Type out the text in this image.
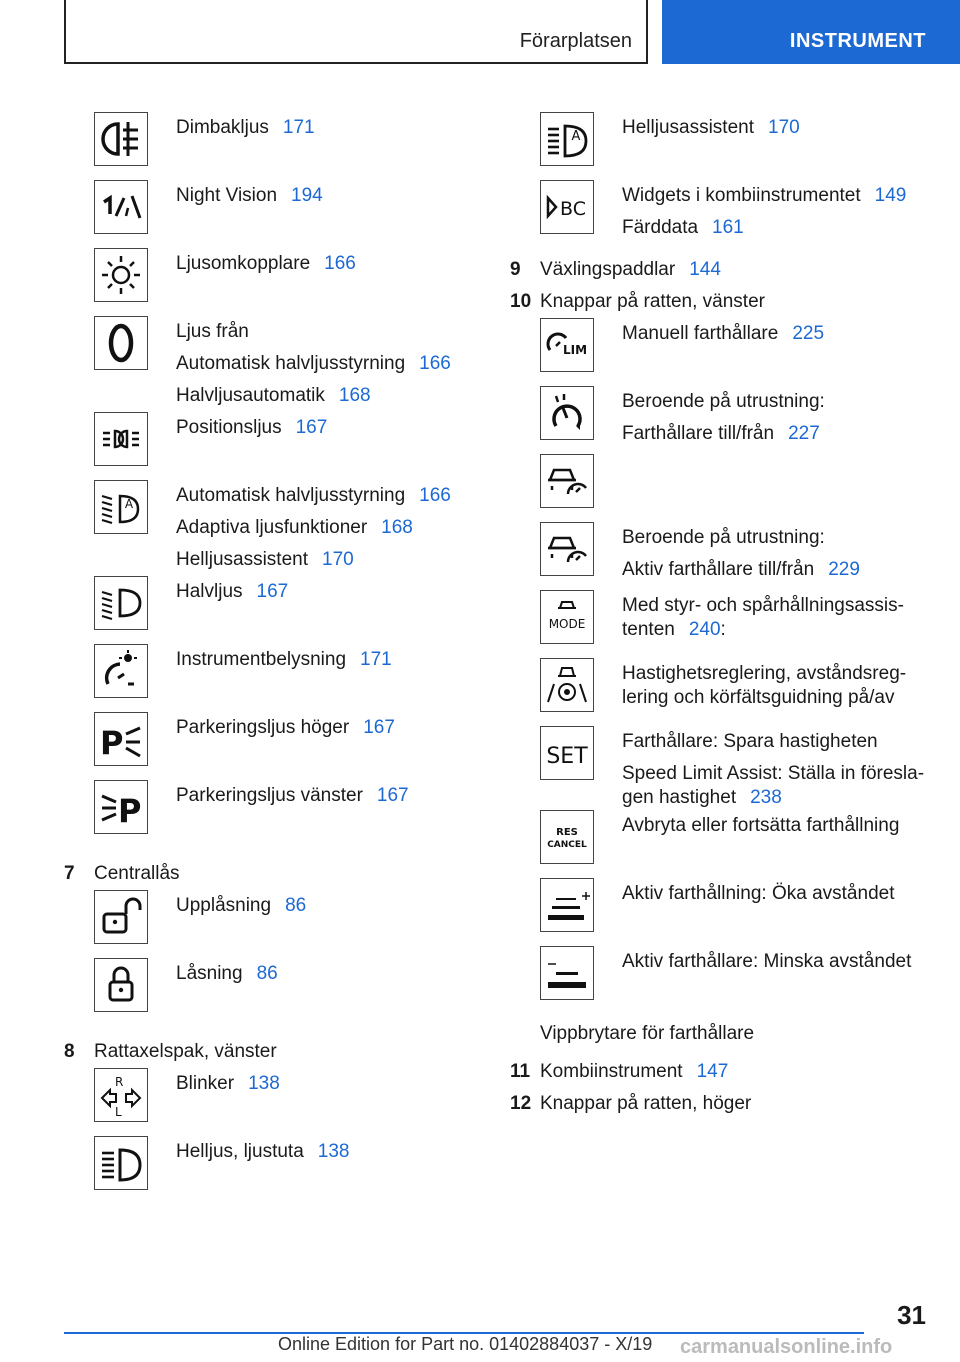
Förarplatsen	INSTRUMENT
Dimbakljus 171
Night Vision 194
Ljusomkopplare 166
Ljus från
Automatisk halvljusstyrning 166
Halvljusautomatik 168
Positionsljus 167
A Automatisk halvljusstyrning 166
Adaptiva ljusfunktioner 168
Helljusassistent 170
Halvljus 167
Instrumentbelysning 171
P	Parkeringsljus höger 167
P Parkeringsljus vänster 167
7	Centrallås
Upplåsning 86
Låsning 86
8	Rattaxelspak, vänster
R
L
Blinker 138
Helljus, ljustuta 138
A Helljusassistent 170
BC
Widgets i kombiinstrumentet 149
Färddata 161
9	Växlingspaddlar 144
10 Knappar på ratten, vänster
LIM
Manuell farthållare 225
Beroende på utrustning:
Farthållare till/från 227
Beroende på utrustning:
Aktiv farthållare till/från 229
MODE
Med styr- och spårhållningsassis-tenten 240:
Hastighetsreglering, avståndsreg-lering och körfältsguidning på/av
SET
Farthållare: Spara hastigheten
Speed Limit Assist: Ställa in föresla-gen hastighet 238
RES
CANCEL
Avbryta eller fortsätta farthållning
Aktiv farthållning: Öka avståndet
Aktiv farthållare: Minska avståndet
Vippbrytare för farthållare
11 Kombiinstrument 147
12 Knappar på ratten, höger
31
Online Edition for Part no. 01402884037 - X/19 carmanualsonline.info
